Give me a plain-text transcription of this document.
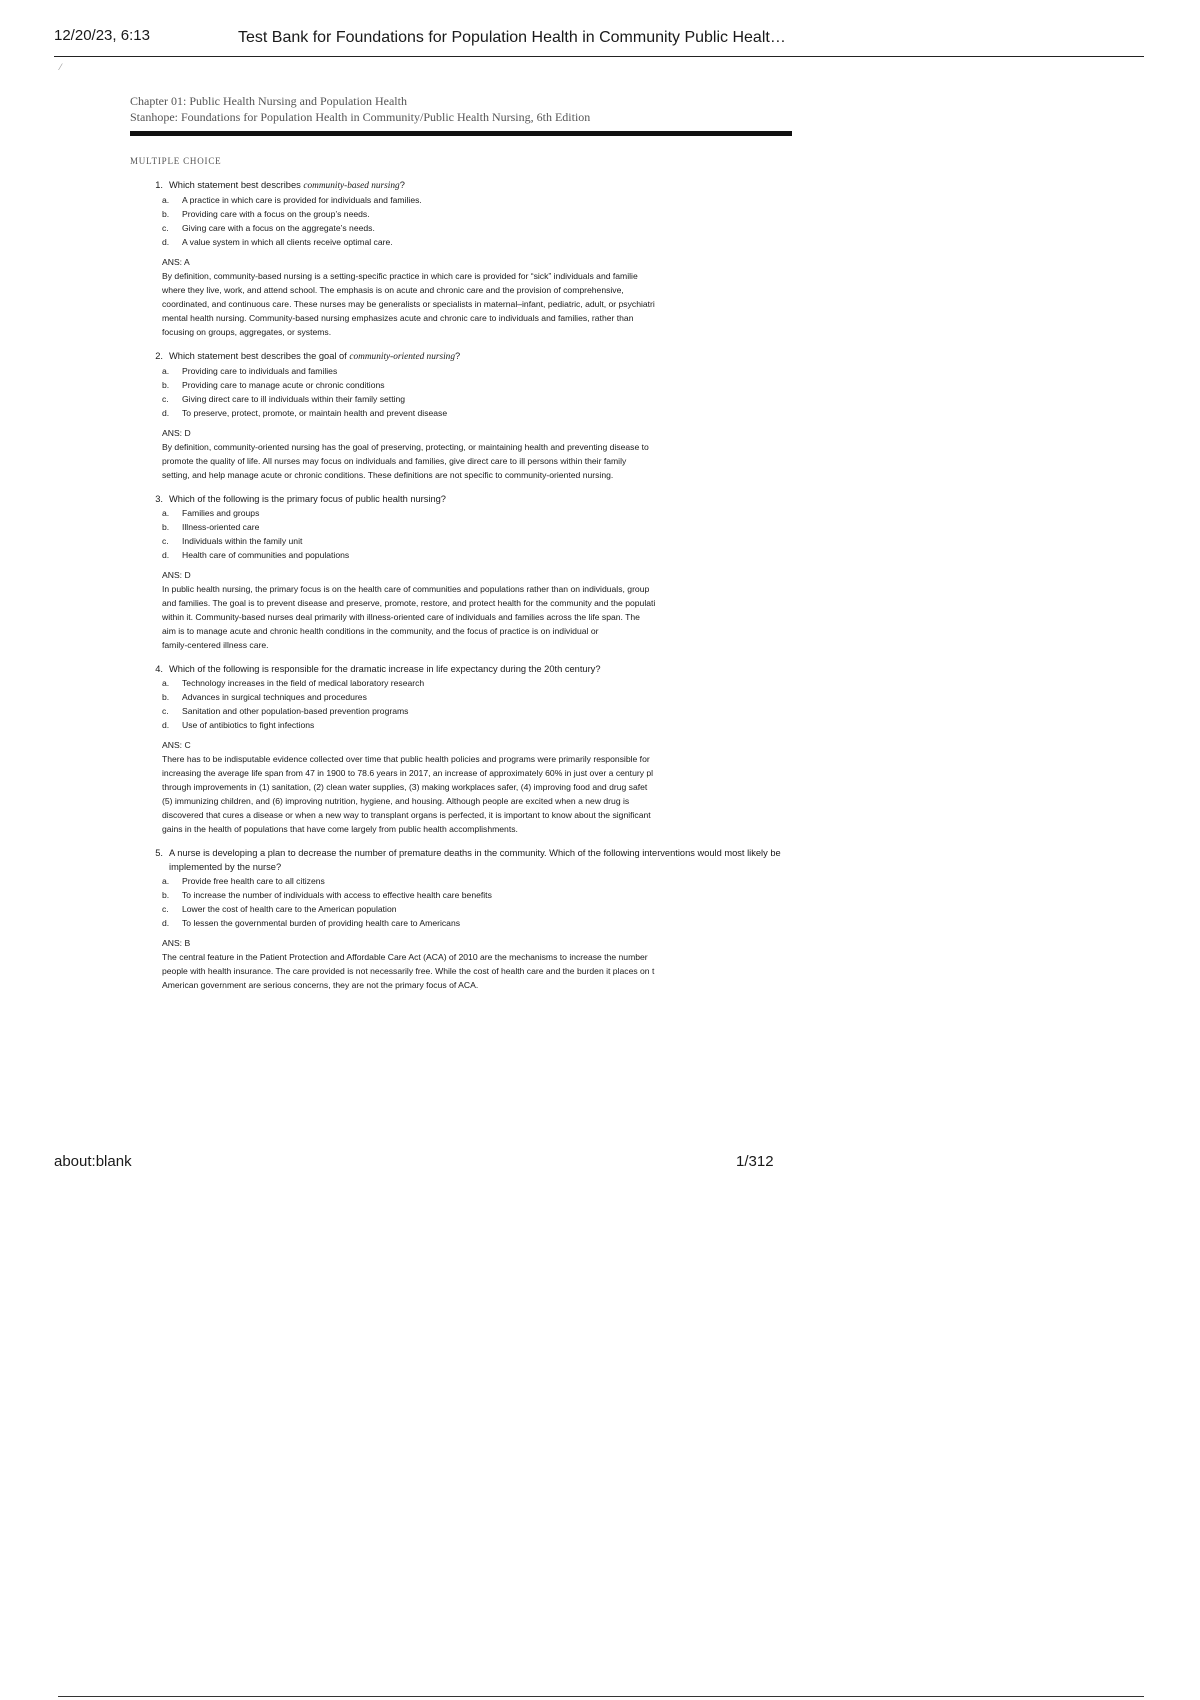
12/20/23, 6:13	Test Bank for Foundations for Population Health in Community Public Healt…
⁄
Chapter 01: Public Health Nursing and Population Health
Stanhope: Foundations for Population Health in Community/Public Health Nursing, 6th Edition
MULTIPLE CHOICE
1. Which statement best describes community-based nursing?
a.	A practice in which care is provided for individuals and families.
b.	Providing care with a focus on the group’s needs.
c.	Giving care with a focus on the aggregate’s needs.
d.	A value system in which all clients receive optimal care.
ANS: A
By definition, community-based nursing is a setting-specific practice in which care is provided for “sick” individuals and familie
where they live, work, and attend school. The emphasis is on acute and chronic care and the provision of comprehensive,
coordinated, and continuous care. These nurses may be generalists or specialists in maternal–infant, pediatric, adult, or psychiatri
mental health nursing. Community-based nursing emphasizes acute and chronic care to individuals and families, rather than
focusing on groups, aggregates, or systems.
2. Which statement best describes the goal of community-oriented nursing?
a.	Providing care to individuals and families
b.	Providing care to manage acute or chronic conditions
c.	Giving direct care to ill individuals within their family setting
d.	To preserve, protect, promote, or maintain health and prevent disease
ANS: D
By definition, community-oriented nursing has the goal of preserving, protecting, or maintaining health and preventing disease to
promote the quality of life. All nurses may focus on individuals and families, give direct care to ill persons within their family
setting, and help manage acute or chronic conditions. These definitions are not specific to community-oriented nursing.
3. Which of the following is the primary focus of public health nursing?
a.	Families and groups
b.	Illness-oriented care
c.	Individuals within the family unit
d.	Health care of communities and populations
ANS: D
In public health nursing, the primary focus is on the health care of communities and populations rather than on individuals, group
and families. The goal is to prevent disease and preserve, promote, restore, and protect health for the community and the populati
within it. Community-based nurses deal primarily with illness-oriented care of individuals and families across the life span. The
aim is to manage acute and chronic health conditions in the community, and the focus of practice is on individual or
family-centered illness care.
4. Which of the following is responsible for the dramatic increase in life expectancy during the 20th century?
a.	Technology increases in the field of medical laboratory research
b.	Advances in surgical techniques and procedures
c.	Sanitation and other population-based prevention programs
d.	Use of antibiotics to fight infections
ANS: C
There has to be indisputable evidence collected over time that public health policies and programs were primarily responsible for
increasing the average life span from 47 in 1900 to 78.6 years in 2017, an increase of approximately 60% in just over a century pl
through improvements in (1) sanitation, (2) clean water supplies, (3) making workplaces safer, (4) improving food and drug safet
(5) immunizing children, and (6) improving nutrition, hygiene, and housing. Although people are excited when a new drug is
discovered that cures a disease or when a new way to transplant organs is perfected, it is important to know about the significant
gains in the health of populations that have come largely from public health accomplishments.
5. A nurse is developing a plan to decrease the number of premature deaths in the community. Which of the following interventions would most likely be implemented by the nurse?
a.	Provide free health care to all citizens
b.	To increase the number of individuals with access to effective health care benefits
c.	Lower the cost of health care to the American population
d.	To lessen the governmental burden of providing health care to Americans
ANS: B
The central feature in the Patient Protection and Affordable Care Act (ACA) of 2010 are the mechanisms to increase the number
people with health insurance. The care provided is not necessarily free. While the cost of health care and the burden it places on t
American government are serious concerns, they are not the primary focus of ACA.
about:blank	1/312
